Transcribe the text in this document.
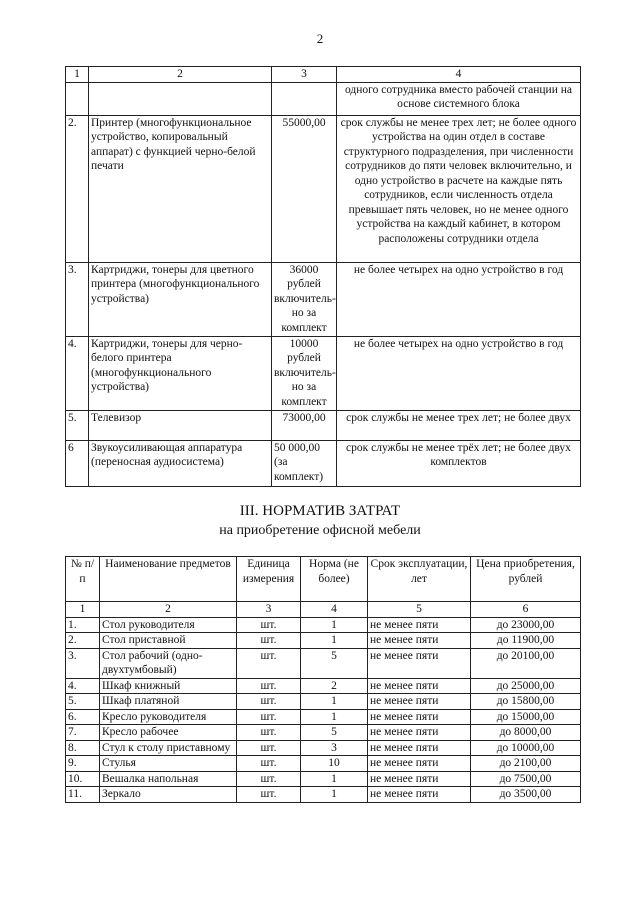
2
1	2	3	4
			одного сотрудника вместо рабочей станции на основе системного блока
2.	Принтер (многофункциональное устройство, копировальный аппарат) с функцией черно-белой печати	55000,00	срок службы не менее трех лет; не более одного устройства на один отдел в составе структурного подразделения, при численности сотрудников до пяти человек включительно, и одно устройство в расчете на каждые пять сотрудников, если численность отдела превышает пять человек, но не менее одного устройства на каждый кабинет, в котором расположены сотрудники отдела
3.	Картриджи, тонеры для цветного принтера (многофункционального устройства)	36000 рублей включитель-но за комплект	не более четырех на одно устройство в год
4.	Картриджи, тонеры для черно-белого принтера (многофункционального устройства)	10000 рублей включитель-но за комплект	не более четырех на одно устройство в год
5.	Телевизор	73000,00	срок службы не менее трех лет; не более двух
6	Звукоусиливающая аппаратура (переносная аудиосистема)	50 000,00 (за комплект)	срок службы не менее трёх лет; не более двух комплектов
III. НОРМАТИВ ЗАТРАТ
на приобретение офисной мебели
№ п/п	Наименование предметов	Единица измерения	Норма (не более)	Срок эксплуатации, лет	Цена приобретения, рублей
1	2	3	4	5	6
1.	Стол руководителя	шт.	1	не менее пяти	до 23000,00
2.	Стол приставной	шт.	1	не менее пяти	до 11900,00
3.	Стол рабочий (одно-двухтумбовый)	шт.	5	не менее пяти	до 20100,00
4.	Шкаф книжный	шт.	2	не менее пяти	до 25000,00
5.	Шкаф платяной	шт.	1	не менее пяти	до 15800,00
6.	Кресло руководителя	шт.	1	не менее пяти	до 15000,00
7.	Кресло рабочее	шт.	5	не менее пяти	до 8000,00
8.	Стул к столу приставному	шт.	3	не менее пяти	до 10000,00
9.	Стулья	шт.	10	не менее пяти	до 2100,00
10.	Вешалка напольная	шт.	1	не менее пяти	до 7500,00
11.	Зеркало	шт.	1	не менее пяти	до 3500,00
